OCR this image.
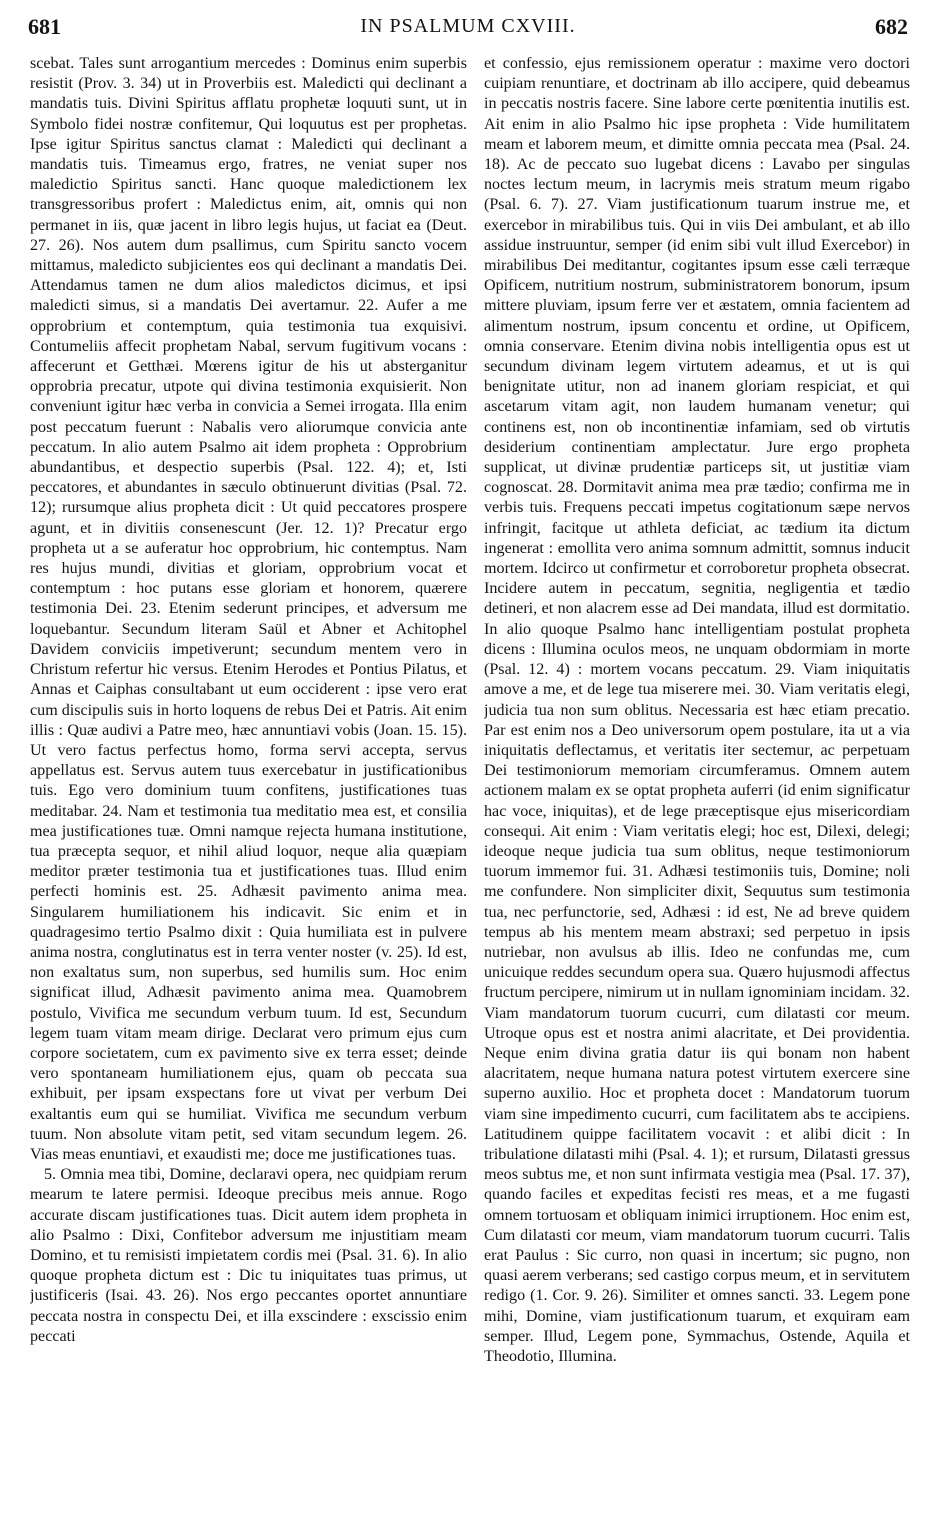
681	IN PSALMUM CXVIII.	682

scebat. Tales sunt arrogantium mercedes : Dominus enim superbis resistit (Prov. 3. 34) ut in Proverbiis est. Maledicti qui declinant a mandatis tuis. Divini Spiritus afflatu prophetæ loquuti sunt, ut in Symbolo fidei nostræ confitemur, Qui loquutus est per prophetas. Ipse igitur Spiritus sanctus clamat : Maledicti qui declinant a mandatis tuis. Timeamus ergo, fratres, ne veniat super nos maledictio Spiritus sancti. Hanc quoque maledictionem lex transgressoribus profert : Maledictus enim, ait, omnis qui non permanet in iis, quæ jacent in libro legis hujus, ut faciat ea (Deut. 27. 26). Nos autem dum psallimus, cum Spiritu sancto vocem mittamus, maledicto subjicientes eos qui declinant a mandatis Dei. Attendamus tamen ne dum alios maledictos dicimus, et ipsi maledicti simus, si a mandatis Dei avertamur. 22. Aufer a me opprobrium et contemptum, quia testimonia tua exquisivi. Contumeliis affecit prophetam Nabal, servum fugitivum vocans : affecerunt et Getthæi. Mœrens igitur de his ut absterganitur opprobria precatur, utpote qui divina testimonia exquisierit. Non conveniunt igitur hæc verba in convicia a Semei irrogata. Illa enim post peccatum fuerunt : Nabalis vero aliorumque convicia ante peccatum. In alio autem Psalmo ait idem propheta : Opprobrium abundantibus, et despectio superbis (Psal. 122. 4); et, Isti peccatores, et abundantes in sæculo obtinuerunt divitias (Psal. 72. 12); rursumque alius propheta dicit : Ut quid peccatores prospere agunt, et in divitiis consenescunt (Jer. 12. 1)? Precatur ergo propheta ut a se auferatur hoc opprobrium, hic contemptus. Nam res hujus mundi, divitias et gloriam, opprobrium vocat et contemptum : hoc putans esse gloriam et honorem, quærere testimonia Dei. 23. Etenim sederunt principes, et adversum me loquebantur. Secundum literam Saül et Abner et Achitophel Davidem conviciis impetiverunt; secundum mentem vero in Christum refertur hic versus. Etenim Herodes et Pontius Pilatus, et Annas et Caiphas consultabant ut eum occiderent : ipse vero erat cum discipulis suis in horto loquens de rebus Dei et Patris. Ait enim illis : Quæ audivi a Patre meo, hæc annuntiavi vobis (Joan. 15. 15). Ut vero factus perfectus homo, forma servi accepta, servus appellatus est. Servus autem tuus exercebatur in justificationibus tuis. Ego vero dominium tuum confitens, justificationes tuas meditabar. 24. Nam et testimonia tua meditatio mea est, et consilia mea justificationes tuæ. Omni namque rejecta humana institutione, tua præcepta sequor, et nihil aliud loquor, neque alia quæpiam meditor præter testimonia tua et justificationes tuas. Illud enim perfecti hominis est. 25. Adhæsit pavimento anima mea. Singularem humiliationem his indicavit. Sic enim et in quadragesimo tertio Psalmo dixit : Quia humiliata est in pulvere anima nostra, conglutinatus est in terra venter noster (v. 25). Id est, non exaltatus sum, non superbus, sed humilis sum. Hoc enim significat illud, Adhæsit pavimento anima mea. Quamobrem postulo, Vivifica me secundum verbum tuum. Id est, Secundum legem tuam vitam meam dirige. Declarat vero primum ejus cum corpore societatem, cum ex pavimento sive ex terra esset; deinde vero spontaneam humiliationem ejus, quam ob peccata sua exhibuit, per ipsam exspectans fore ut vivat per verbum Dei exaltantis eum qui se humiliat. Vivifica me secundum verbum tuum. Non absolute vitam petit, sed vitam secundum legem. 26. Vias meas enuntiavi, et exaudisti me; doce me justificationes tuas.

5. Omnia mea tibi, Domine, declaravi opera, nec quidpiam rerum mearum te latere permisi. Ideoque precibus meis annue. Rogo accurate discam justificationes tuas. Dicit autem idem propheta in alio Psalmo : Dixi, Confitebor adversum me injustitiam meam Domino, et tu remisisti impietatem cordis mei (Psal. 31. 6). In alio quoque propheta dictum est : Dic tu iniquitates tuas primus, ut justificeris (Isai. 43. 26). Nos ergo peccantes oportet annuntiare peccata nostra in conspectu Dei, et illa exscindere : exscissio enim peccati

et confessio, ejus remissionem operatur : maxime vero doctori cuipiam renuntiare, et doctrinam ab illo accipere, quid debeamus in peccatis nostris facere. Sine labore certe pœnitentia inutilis est. Ait enim in alio Psalmo hic ipse propheta : Vide humilitatem meam et laborem meum, et dimitte omnia peccata mea (Psal. 24. 18). Ac de peccato suo lugebat dicens : Lavabo per singulas noctes lectum meum, in lacrymis meis stratum meum rigabo (Psal. 6. 7). 27. Viam justificationum tuarum instrue me, et exercebor in mirabilibus tuis. Qui in viis Dei ambulant, et ab illo assidue instruuntur, semper (id enim sibi vult illud Exercebor) in mirabilibus Dei meditantur, cogitantes ipsum esse cæli terræque Opificem, nutritium nostrum, subministratorem bonorum, ipsum mittere pluviam, ipsum ferre ver et æstatem, omnia facientem ad alimentum nostrum, ipsum concentu et ordine, ut Opificem, omnia conservare. Etenim divina nobis intelligentia opus est ut secundum divinam legem virtutem adeamus, et ut is qui benignitate utitur, non ad inanem gloriam respiciat, et qui ascetarum vitam agit, non laudem humanam venetur; qui continens est, non ob incontinentiæ infamiam, sed ob virtutis desiderium continentiam amplectatur. Jure ergo propheta supplicat, ut divinæ prudentiæ particeps sit, ut justitiæ viam cognoscat. 28. Dormitavit anima mea præ tædio; confirma me in verbis tuis. Frequens peccati impetus cogitationum sæpe nervos infringit, facitque ut athleta deficiat, ac tædium ita dictum ingenerat : emollita vero anima somnum admittit, somnus inducit mortem. Idcirco ut confirmetur et corroboretur propheta obsecrat. Incidere autem in peccatum, segnitia, negligentia et tædio detineri, et non alacrem esse ad Dei mandata, illud est dormitatio. In alio quoque Psalmo hanc intelligentiam postulat propheta dicens : Illumina oculos meos, ne unquam obdormiam in morte (Psal. 12. 4) : mortem vocans peccatum. 29. Viam iniquitatis amove a me, et de lege tua miserere mei. 30. Viam veritatis elegi, judicia tua non sum oblitus. Necessaria est hæc etiam precatio. Par est enim nos a Deo universorum opem postulare, ita ut a via iniquitatis deflectamus, et veritatis iter sectemur, ac perpetuam Dei testimoniorum memoriam circumferamus. Omnem autem actionem malam ex se optat propheta auferri (id enim significatur hac voce, iniquitas), et de lege præceptisque ejus misericordiam consequi. Ait enim : Viam veritatis elegi; hoc est, Dilexi, delegi; ideoque neque judicia tua sum oblitus, neque testimoniorum tuorum immemor fui. 31. Adhæsi testimoniis tuis, Domine; noli me confundere. Non simpliciter dixit, Sequutus sum testimonia tua, nec perfunctorie, sed, Adhæsi : id est, Ne ad breve quidem tempus ab his mentem meam abstraxi; sed perpetuo in ipsis nutriebar, non avulsus ab illis. Ideo ne confundas me, cum unicuique reddes secundum opera sua. Quæro hujusmodi affectus fructum percipere, nimirum ut in nullam ignominiam incidam. 32. Viam mandatorum tuorum cucurri, cum dilatasti cor meum. Utroque opus est et nostra animi alacritate, et Dei providentia. Neque enim divina gratia datur iis qui bonam non habent alacritatem, neque humana natura potest virtutem exercere sine superno auxilio. Hoc et propheta docet : Mandatorum tuorum viam sine impedimento cucurri, cum facilitatem abs te accipiens. Latitudinem quippe facilitatem vocavit : et alibi dicit : In tribulatione dilatasti mihi (Psal. 4. 1); et rursum, Dilatasti gressus meos subtus me, et non sunt infirmata vestigia mea (Psal. 17. 37), quando faciles et expeditas fecisti res meas, et a me fugasti omnem tortuosam et obliquam inimici irruptionem. Hoc enim est, Cum dilatasti cor meum, viam mandatorum tuorum cucurri. Talis erat Paulus : Sic curro, non quasi in incertum; sic pugno, non quasi aerem verberans; sed castigo corpus meum, et in servitutem redigo (1. Cor. 9. 26). Similiter et omnes sancti. 33. Legem pone mihi, Domine, viam justificationum tuarum, et exquiram eam semper. Illud, Legem pone, Symmachus, Ostende, Aquila et Theodotio, Illumina.
